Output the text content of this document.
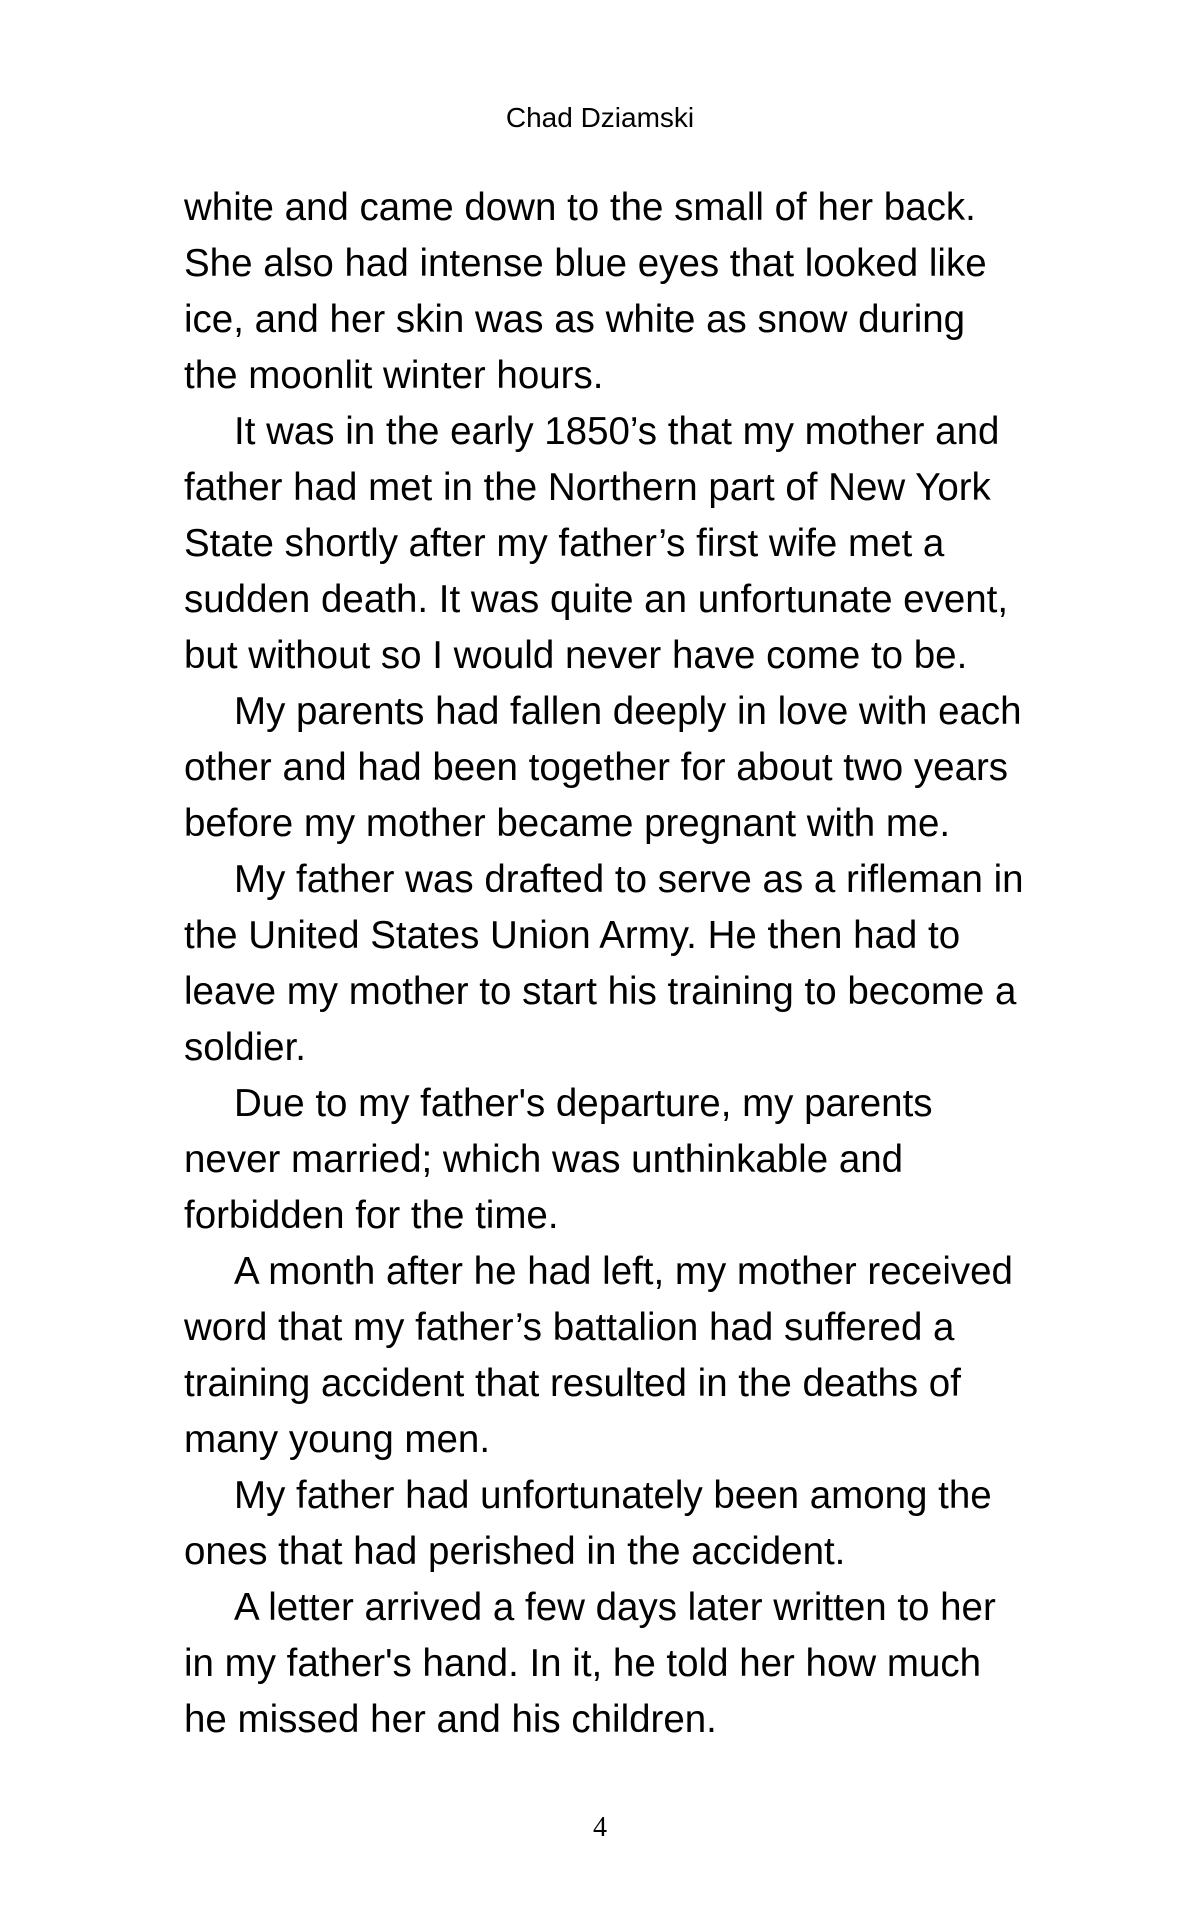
Chad Dziamski
white and came down to the small of her back.
She also had intense blue eyes that looked like
ice, and her skin was as white as snow during
the moonlit winter hours.
It was in the early 1850’s that my mother and
father had met in the Northern part of New York
State shortly after my father’s first wife met a
sudden death. It was quite an unfortunate event,
but without so I would never have come to be.
My parents had fallen deeply in love with each
other and had been together for about two years
before my mother became pregnant with me.
My father was drafted to serve as a rifleman in
the United States Union Army. He then had to
leave my mother to start his training to become a
soldier.
Due to my father's departure, my parents
never married; which was unthinkable and
forbidden for the time.
A month after he had left, my mother received
word that my father’s battalion had suffered a
training accident that resulted in the deaths of
many young men.
My father had unfortunately been among the
ones that had perished in the accident.
A letter arrived a few days later written to her
in my father's hand. In it, he told her how much
he missed her and his children.
4
